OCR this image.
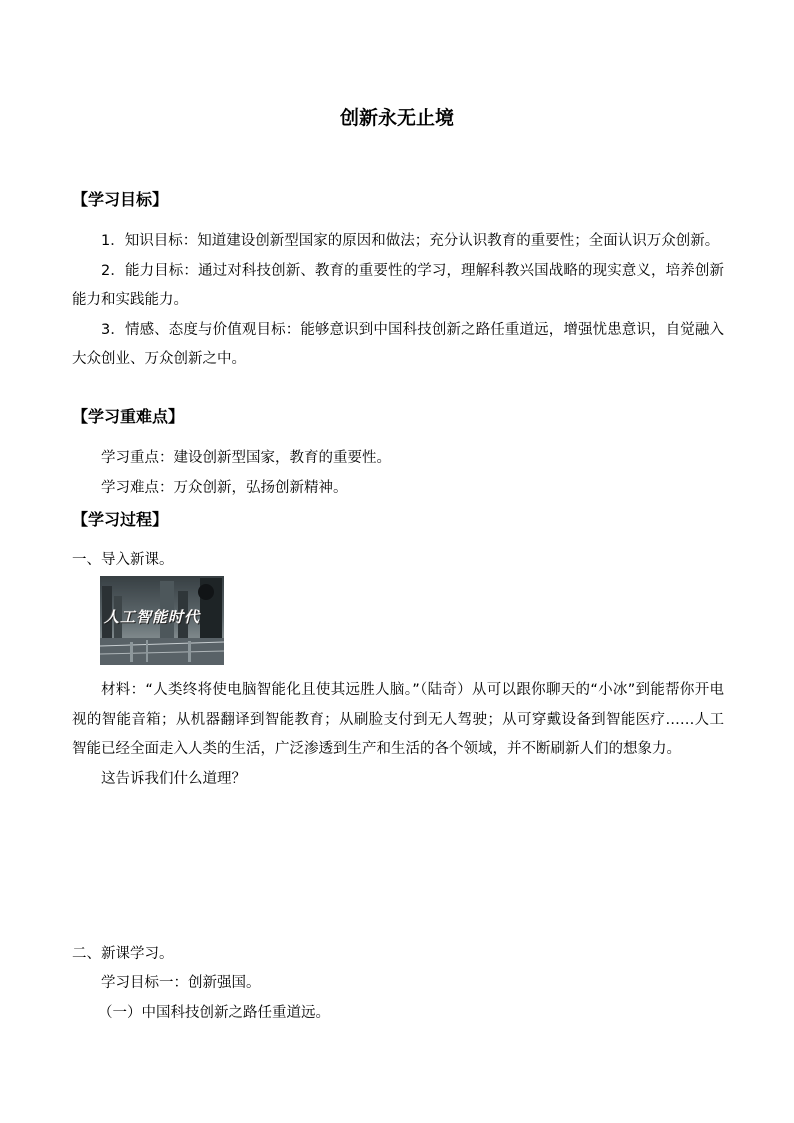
创新永无止境
【学习目标】

1．知识目标：知道建设创新型国家的原因和做法；充分认识教育的重要性；全面认识万众创新。

2．能力目标：通过对科技创新、教育的重要性的学习，理解科教兴国战略的现实意义，培养创新能力和实践能力。

3．情感、态度与价值观目标：能够意识到中国科技创新之路任重道远，增强忧患意识，自觉融入大众创业、万众创新之中。

【学习重难点】
学习重点：建设创新型国家，教育的重要性。
学习难点：万众创新，弘扬创新精神。
【学习过程】
一、导入新课。
人工智能时代

材料：“人类终将使电脑智能化且使其远胜人脑。”（陆奇）从可以跟你聊天的“小冰”到能帮你开电视的智能音箱；从机器翻译到智能教育；从刷脸支付到无人驾驶；从可穿戴设备到智能医疗……人工智能已经全面走入人类的生活，广泛渗透到生产和生活的各个领域，并不断刷新人们的想象力。

这告诉我们什么道理？

二、新课学习。
学习目标一：创新强国。
（一）中国科技创新之路任重道远。
